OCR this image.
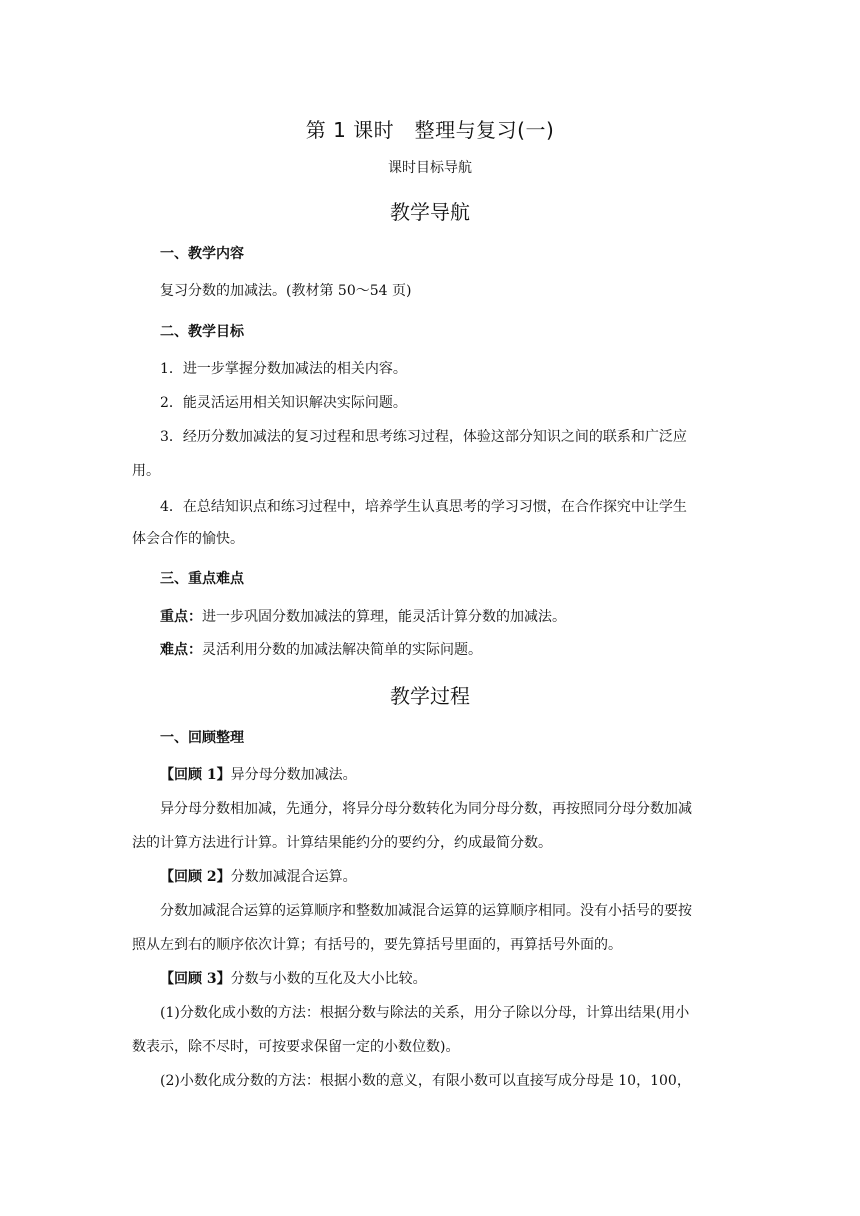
第 1 课时　整理与复习(一)
课时目标导航
教学导航
一、教学内容
复习分数的加减法。(教材第 50～54 页)
二、教学目标
1．进一步掌握分数加减法的相关内容。
2．能灵活运用相关知识解决实际问题。
3．经历分数加减法的复习过程和思考练习过程，体验这部分知识之间的联系和广泛应
用。
4．在总结知识点和练习过程中，培养学生认真思考的学习习惯，在合作探究中让学生
体会合作的愉快。
三、重点难点
重点：进一步巩固分数加减法的算理，能灵活计算分数的加减法。
难点：灵活利用分数的加减法解决简单的实际问题。
教学过程
一、回顾整理
【回顾 1】异分母分数加减法。
异分母分数相加减，先通分，将异分母分数转化为同分母分数，再按照同分母分数加减
法的计算方法进行计算。计算结果能约分的要约分，约成最简分数。
【回顾 2】分数加减混合运算。
分数加减混合运算的运算顺序和整数加减混合运算的运算顺序相同。没有小括号的要按
照从左到右的顺序依次计算；有括号的，要先算括号里面的，再算括号外面的。
【回顾 3】分数与小数的互化及大小比较。
(1)分数化成小数的方法：根据分数与除法的关系，用分子除以分母，计算出结果(用小
数表示，除不尽时，可按要求保留一定的小数位数)。
(2)小数化成分数的方法：根据小数的意义，有限小数可以直接写成分母是 10，100，
